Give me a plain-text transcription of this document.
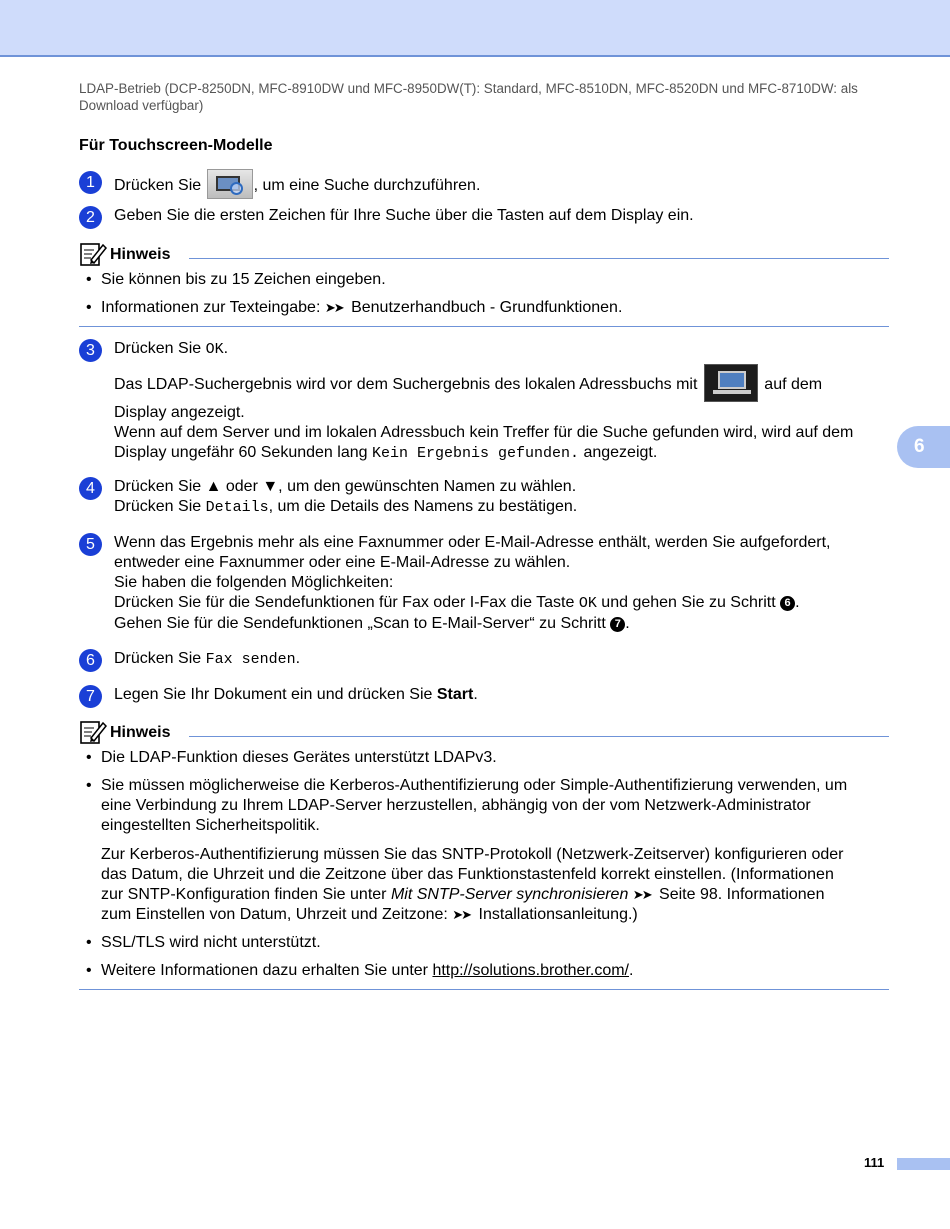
LDAP-Betrieb (DCP-8250DN, MFC-8910DW und MFC-8950DW(T): Standard, MFC-8510DN, MFC-8520DN und MFC-8710DW: als Download verfügbar)
Für Touchscreen-Modelle
1	Drücken Sie	, um eine Suche durchzuführen.
2	Geben Sie die ersten Zeichen für Ihre Suche über die Tasten auf dem Display ein.
Hinweis
• Sie können bis zu 15 Zeichen eingeben.
• Informationen zur Texteingabe: ➤➤ Benutzerhandbuch - Grundfunktionen.
3	Drücken Sie OK.
Das LDAP-Suchergebnis wird vor dem Suchergebnis des lokalen Adressbuchs mit	auf dem
Display angezeigt.
Wenn auf dem Server und im lokalen Adressbuch kein Treffer für die Suche gefunden wird, wird auf dem
Display ungefähr 60 Sekunden lang Kein Ergebnis gefunden. angezeigt.
4	Drücken Sie ▲ oder ▼, um den gewünschten Namen zu wählen.
Drücken Sie Details, um die Details des Namens zu bestätigen.
5	Wenn das Ergebnis mehr als eine Faxnummer oder E-Mail-Adresse enthält, werden Sie aufgefordert,
entweder eine Faxnummer oder eine E-Mail-Adresse zu wählen.
Sie haben die folgenden Möglichkeiten:
Drücken Sie für die Sendefunktionen für Fax oder I-Fax die Taste OK und gehen Sie zu Schritt 6 .
Gehen Sie für die Sendefunktionen „Scan to E-Mail-Server“ zu Schritt 7 .
6	Drücken Sie Fax senden.
7	Legen Sie Ihr Dokument ein und drücken Sie Start.
Hinweis
• Die LDAP-Funktion dieses Gerätes unterstützt LDAPv3.
• Sie müssen möglicherweise die Kerberos-Authentifizierung oder Simple-Authentifizierung verwenden, um
eine Verbindung zu Ihrem LDAP-Server herzustellen, abhängig von der vom Netzwerk-Administrator
eingestellten Sicherheitspolitik.
Zur Kerberos-Authentifizierung müssen Sie das SNTP-Protokoll (Netzwerk-Zeitserver) konfigurieren oder
das Datum, die Uhrzeit und die Zeitzone über das Funktionstastenfeld korrekt einstellen. (Informationen
zur SNTP-Konfiguration finden Sie unter Mit SNTP-Server synchronisieren ➤➤ Seite 98. Informationen
zum Einstellen von Datum, Uhrzeit und Zeitzone: ➤➤ Installationsanleitung.)
• SSL/TLS wird nicht unterstützt.
• Weitere Informationen dazu erhalten Sie unter http://solutions.brother.com/.
6
111
